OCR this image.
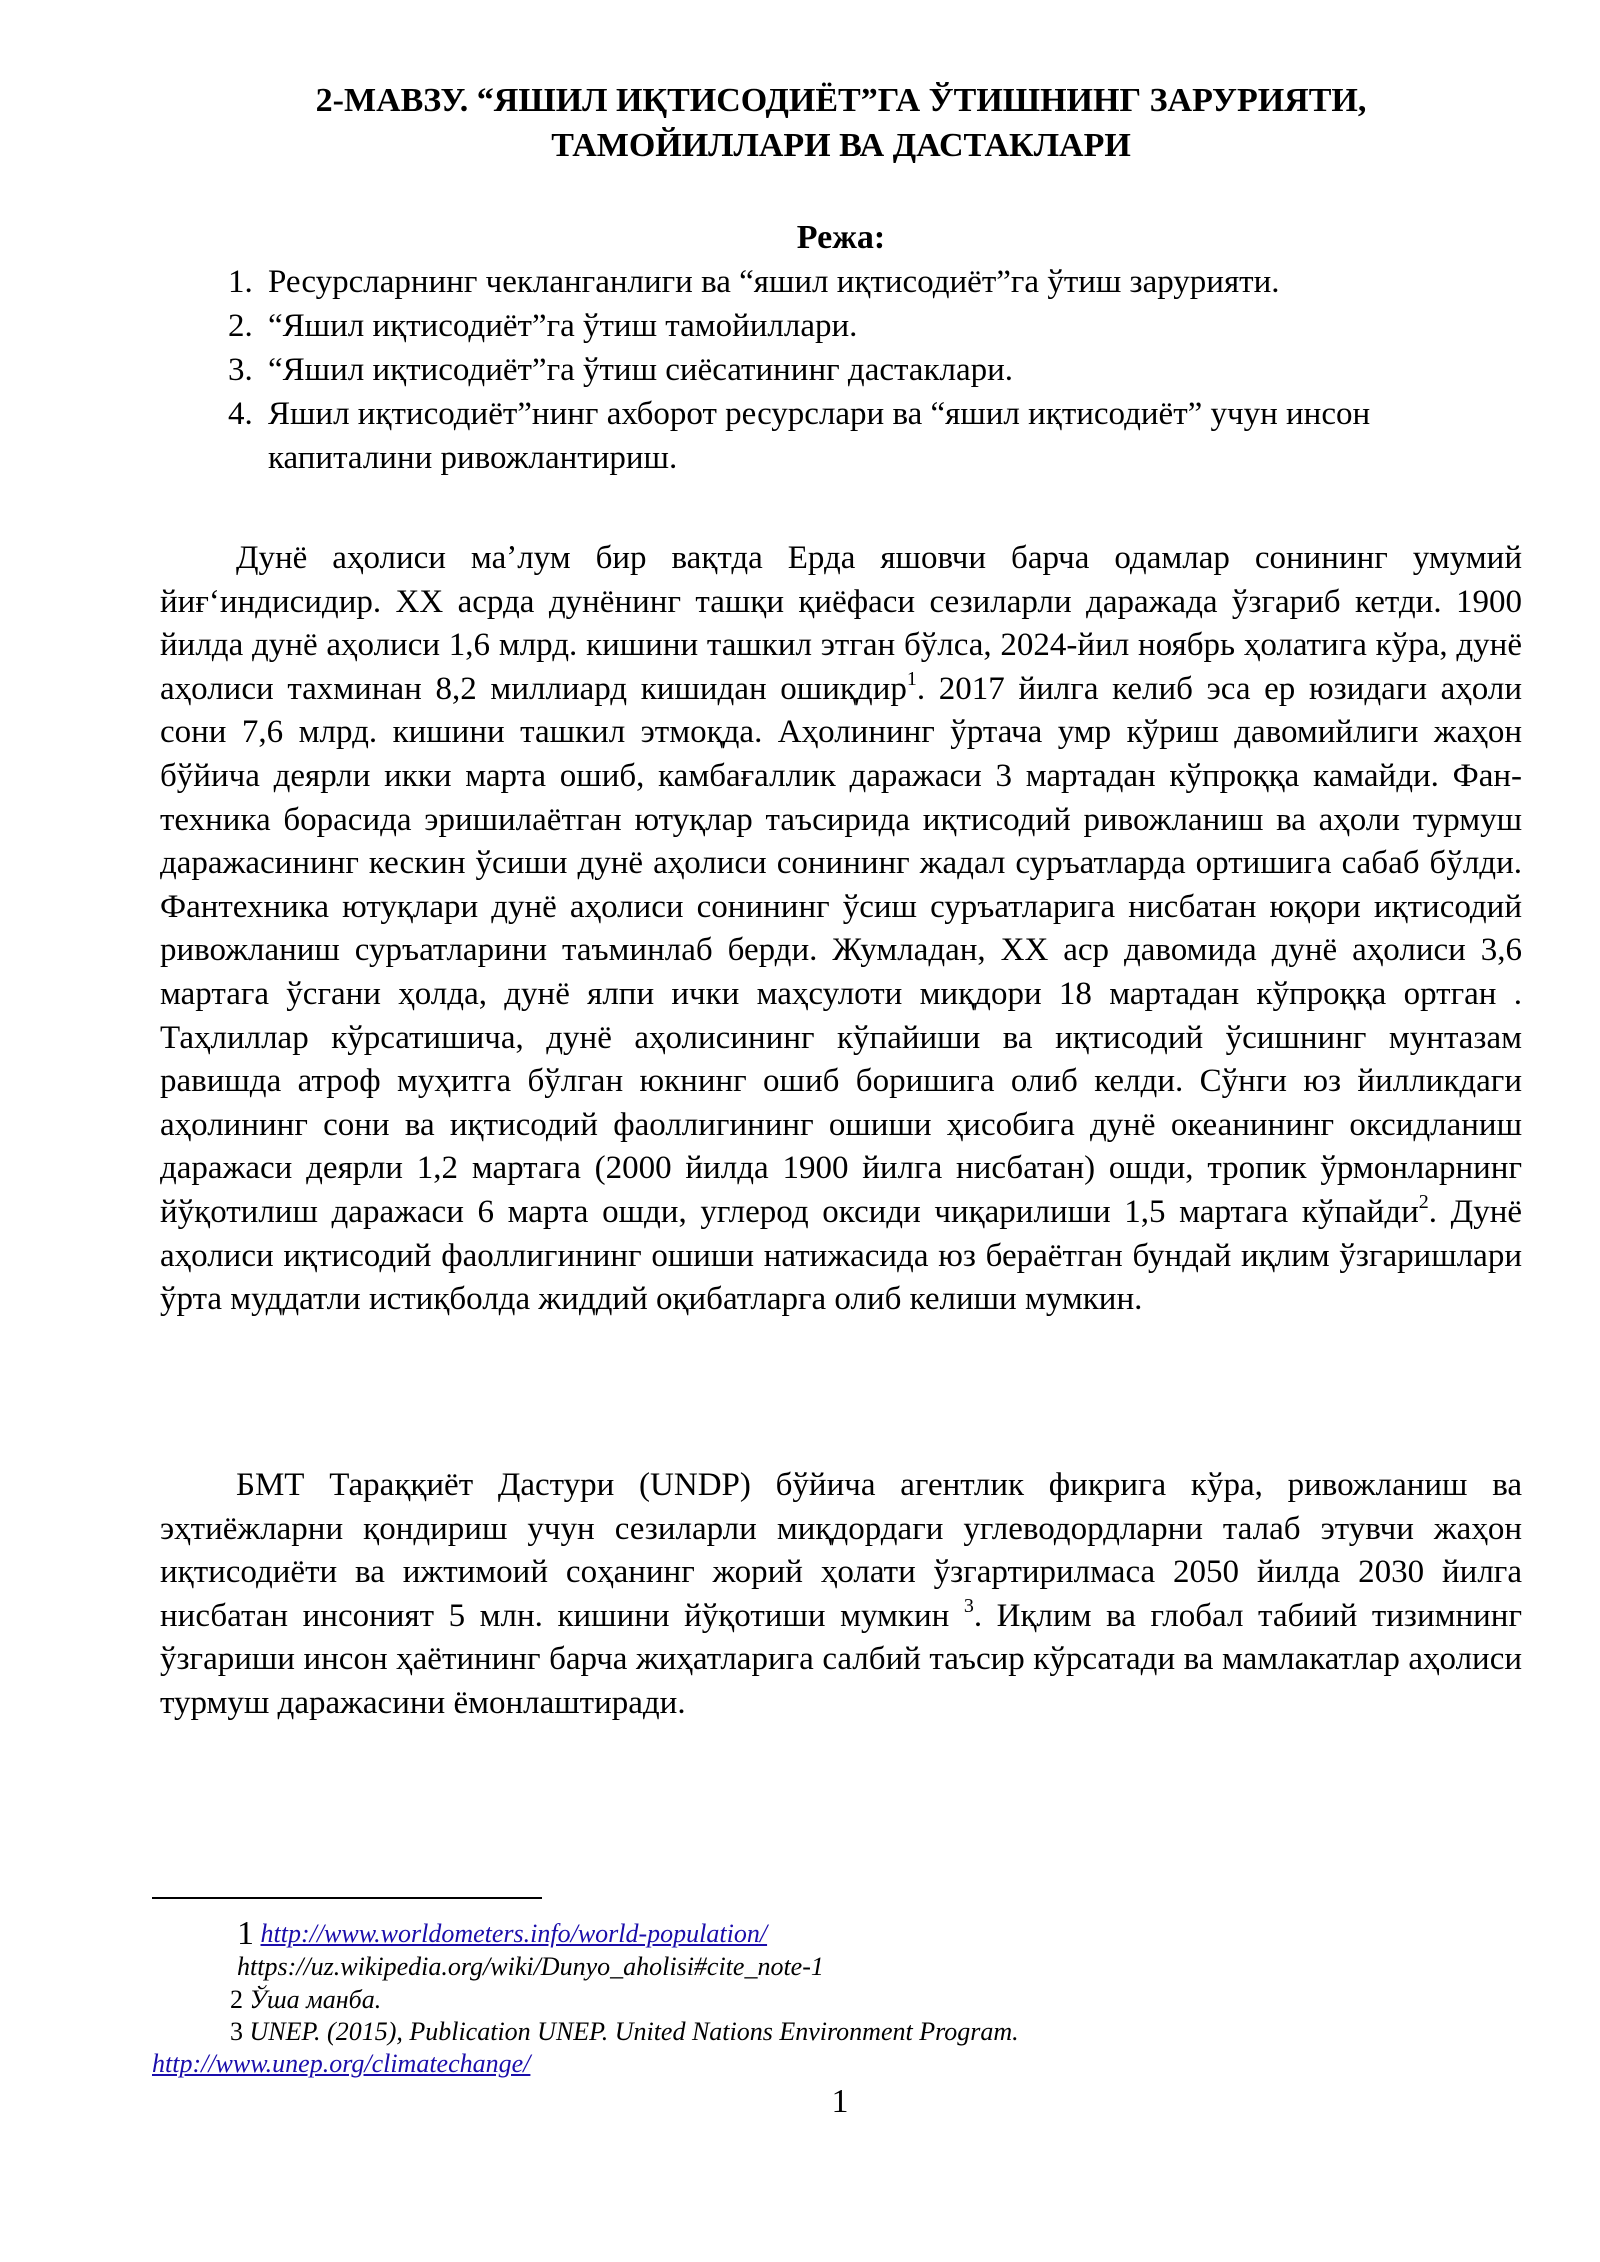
2-МАВЗУ. “ЯШИЛ ИҚТИСОДИЁТ”ГА ЎТИШНИНГ ЗАРУРИЯТИ,
ТАМОЙИЛЛАРИ ВА ДАСТАКЛАРИ
Режа:
1. Ресурсларнинг чекланганлиги ва “яшил иқтисодиёт”га ўтиш зарурияти.
2. “Яшил иқтисодиёт”га ўтиш тамойиллари.
3. “Яшил иқтисодиёт”га ўтиш сиёсатининг дастаклари.
4. Яшил иқтисодиёт”нинг ахборот ресурслари ва “яшил иқтисодиёт” учун инсон капиталини ривожлантириш.

Дунё аҳолиси маʼлум бир вақтда Ерда яшовчи барча одамлар сонининг умумий йиғʻиндисидир. XX асрда дунёнинг ташқи қиёфаси сезиларли даражада ўзгариб кетди. 1900 йилда дунё аҳолиси 1,6 млрд. кишини ташкил этган бўлса, 2024-йил ноябрь ҳолатига кўра, дунё аҳолиси тахминан 8,2 миллиард кишидан ошиқдир$^1$. 2017 йилга келиб эса ер юзидаги аҳоли сони 7,6 млрд. кишини ташкил этмоқда. Аҳолининг ўртача умр кўриш давомийлиги жаҳон бўйича деярли икки марта ошиб, камбағаллик даражаси 3 мартадан кўпроққа камайди. Фан-техника борасида эришилаётган ютуқлар таъсирида иқтисодий ривожланиш ва аҳоли турмуш даражасининг кескин ўсиши дунё аҳолиси сонининг жадал суръатларда ортишига сабаб бўлди. Фантехника ютуқлари дунё аҳолиси сонининг ўсиш суръатларига нисбатан юқори иқтисодий ривожланиш суръатларини таъминлаб берди. Жумладан, XX аср давомида дунё аҳолиси 3,6 мартага ўсгани ҳолда, дунё ялпи ички маҳсулоти миқдори 18 мартадан кўпроққа ортган . Таҳлиллар кўрсатишича, дунё аҳолисининг кўпайиши ва иқтисодий ўсишнинг мунтазам равишда атроф муҳитга бўлган юкнинг ошиб боришига олиб келди. Сўнги юз йилликдаги аҳолининг сони ва иқтисодий фаоллигининг ошиши ҳисобига дунё океанининг оксидланиш даражаси деярли 1,2 мартага (2000 йилда 1900 йилга нисбатан) ошди, тропик ўрмонларнинг йўқотилиш даражаси 6 марта ошди, углерод оксиди чиқарилиши 1,5 мартага кўпайди$^2$. Дунё аҳолиси иқтисодий фаоллигининг ошиши натижасида юз бераётган бундай иқлим ўзгаришлари ўрта муддатли истиқболда жиддий оқибатларга олиб келиши мумкин.

БМТ Тараққиёт Дастури (UNDP) бўйича агентлик фикрига кўра, ривожланиш ва эҳтиёжларни қондириш учун сезиларли миқдордаги углеводордларни талаб этувчи жаҳон иқтисодиёти ва ижтимоий соҳанинг жорий ҳолати ўзгартирилмаса 2050 йилда 2030 йилга нисбатан инсоният 5 млн. кишини йўқотиши мумкин $^3$. Иқлим ва глобал табиий тизимнинг ўзгариши инсон ҳаётининг барча жиҳатларига салбий таъсир кўрсатади ва мамлакатлар аҳолиси турмуш даражасини ёмонлаштиради.

1 http://www.worldometers.info/world-population/
https://uz.wikipedia.org/wiki/Dunyo_aholisi#cite_note-1
2 Ўша манба.
3 UNEP. (2015), Publication UNEP. United Nations Environment Program.
http://www.unep.org/climatechange/
1
